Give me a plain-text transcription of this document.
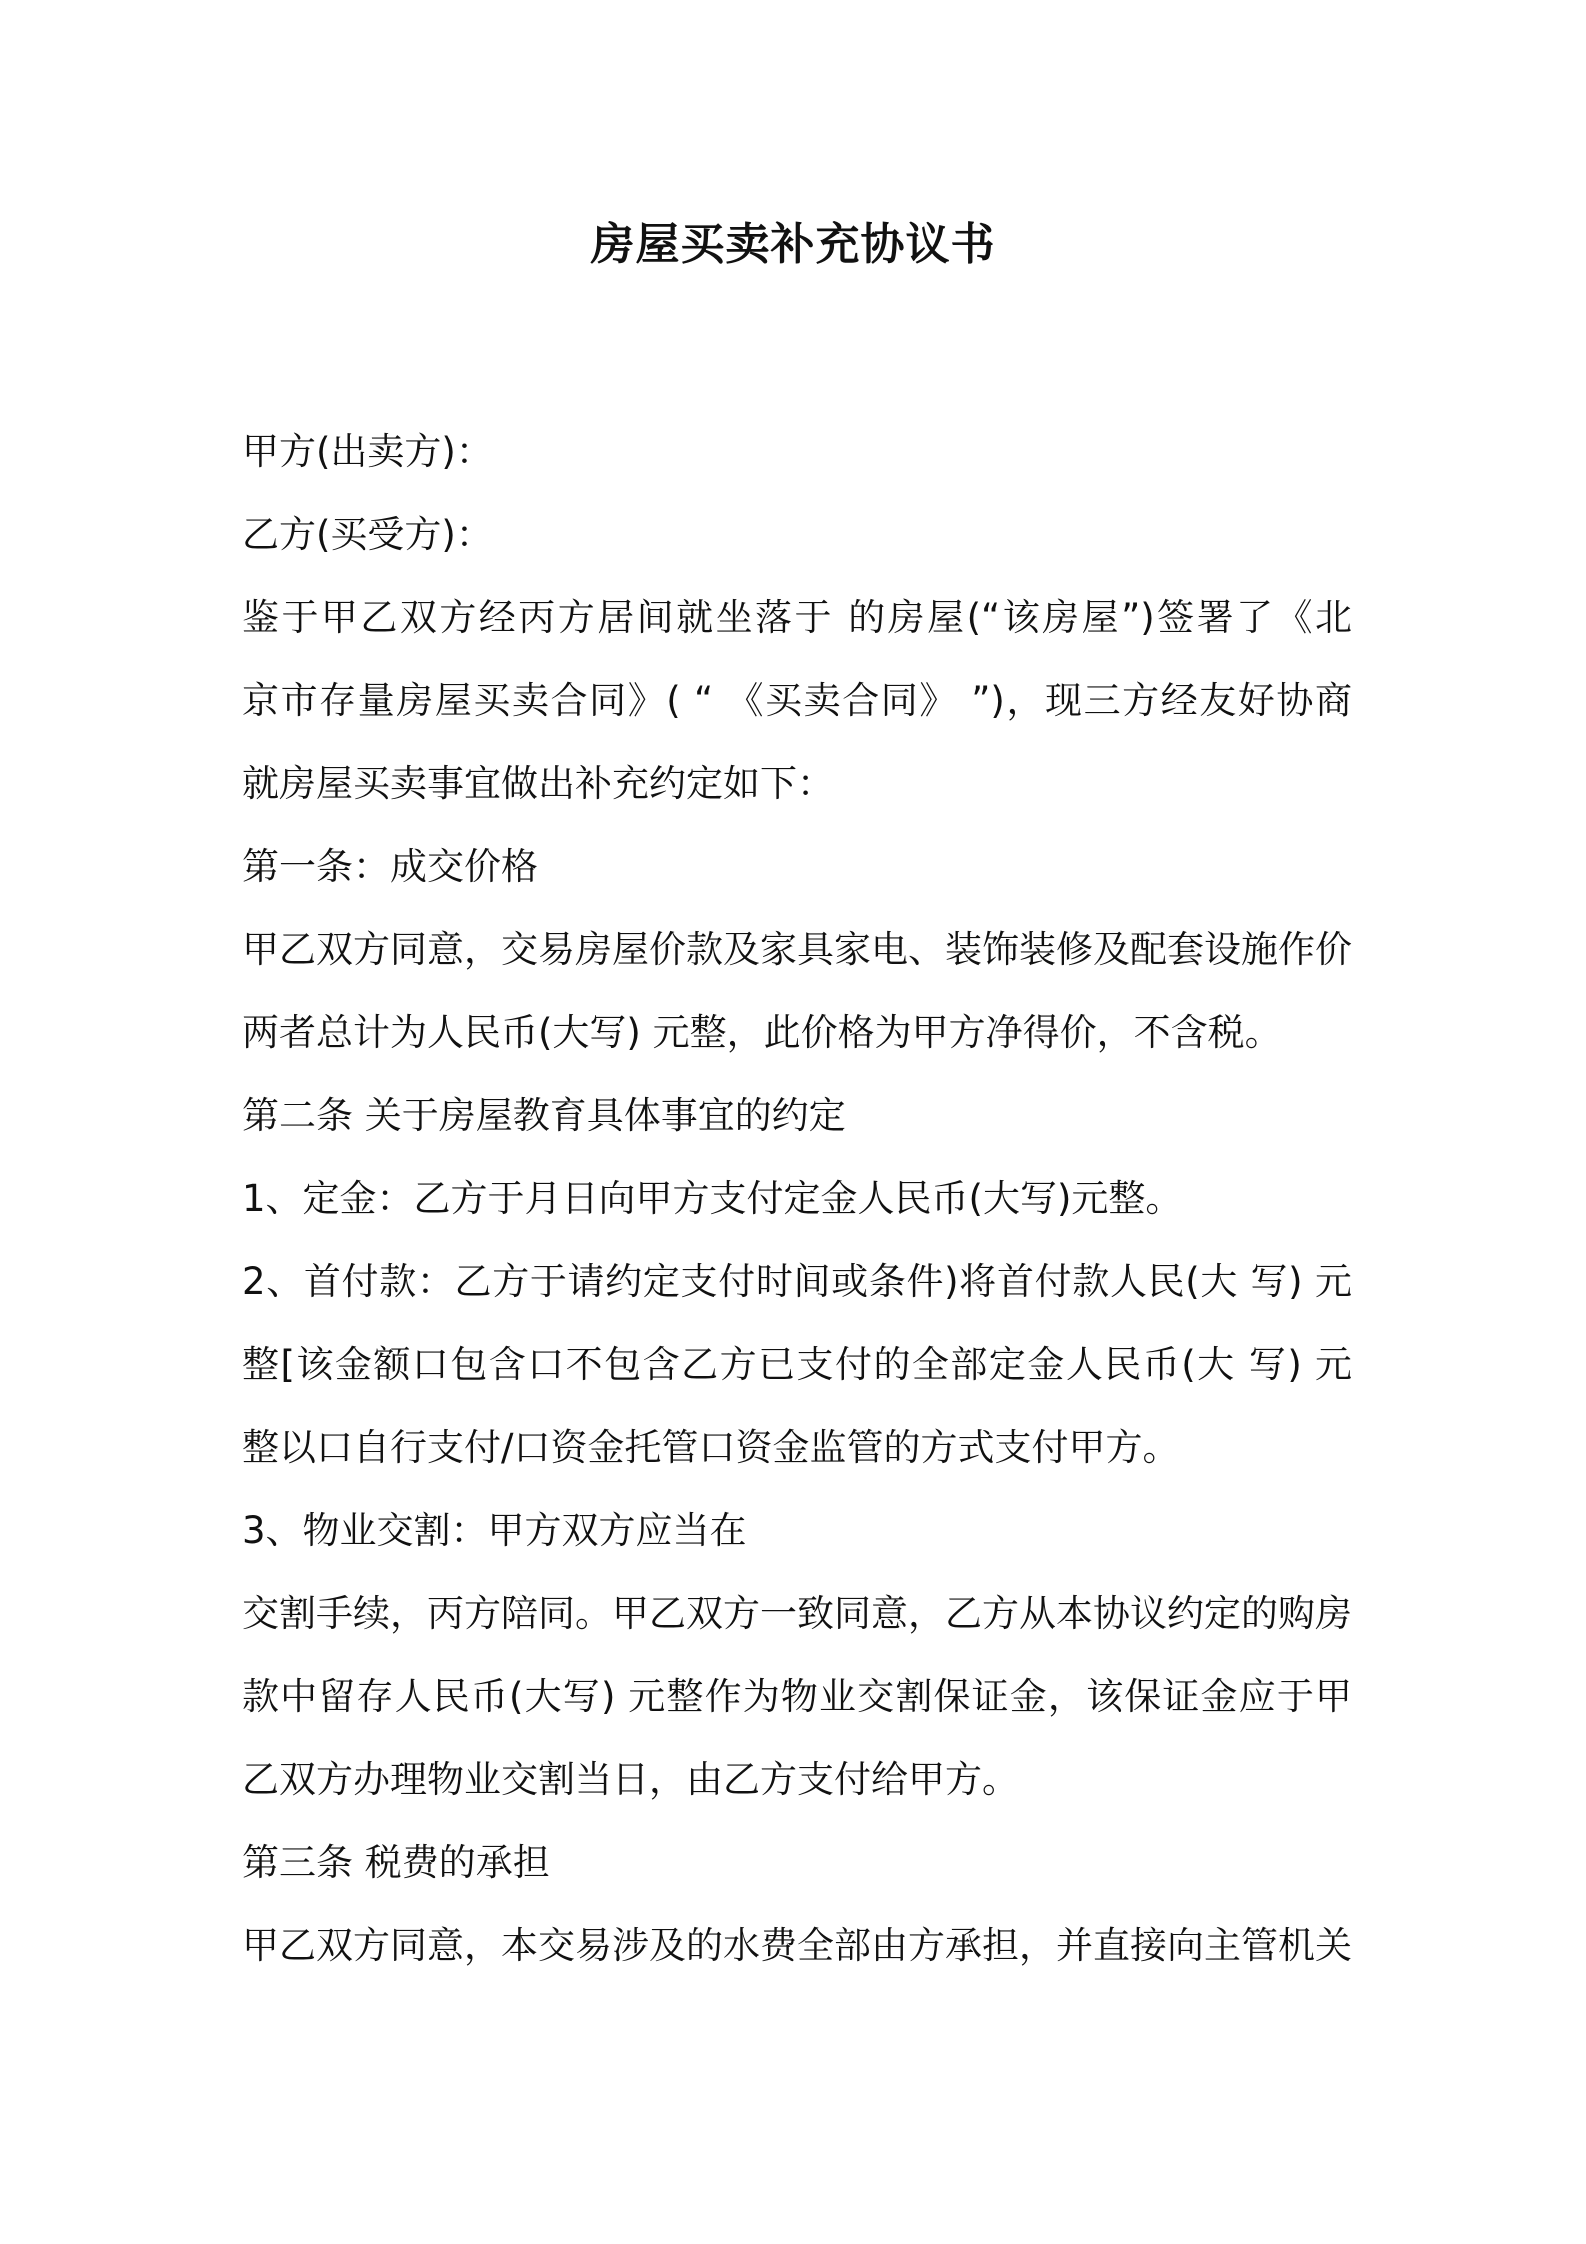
房屋买卖补充协议书
甲方(出卖方)：
乙方(买受方)：
鉴于甲乙双方经丙方居间就坐落于 的房屋(“该房屋”)签署了《北
京市存量房屋买卖合同》( “ 《买卖合同》 ”)，现三方经友好协商
就房屋买卖事宜做出补充约定如下：
第一条：成交价格
甲乙双方同意，交易房屋价款及家具家电、装饰装修及配套设施作价
两者总计为人民币(大写) 元整，此价格为甲方净得价，不含税。
第二条 关于房屋教育具体事宜的约定
1、定金：乙方于月日向甲方支付定金人民币(大写)元整。
2、首付款：乙方于请约定支付时间或条件)将首付款人民(大 写) 元
整[该金额口包含口不包含乙方已支付的全部定金人民币(大 写) 元
整以口自行支付/口资金托管口资金监管的方式支付甲方。
3、物业交割：甲方双方应当在
交割手续，丙方陪同。甲乙双方一致同意，乙方从本协议约定的购房
款中留存人民币(大写) 元整作为物业交割保证金，该保证金应于甲
乙双方办理物业交割当日，由乙方支付给甲方。
第三条 税费的承担
甲乙双方同意，本交易涉及的水费全部由方承担，并直接向主管机关
